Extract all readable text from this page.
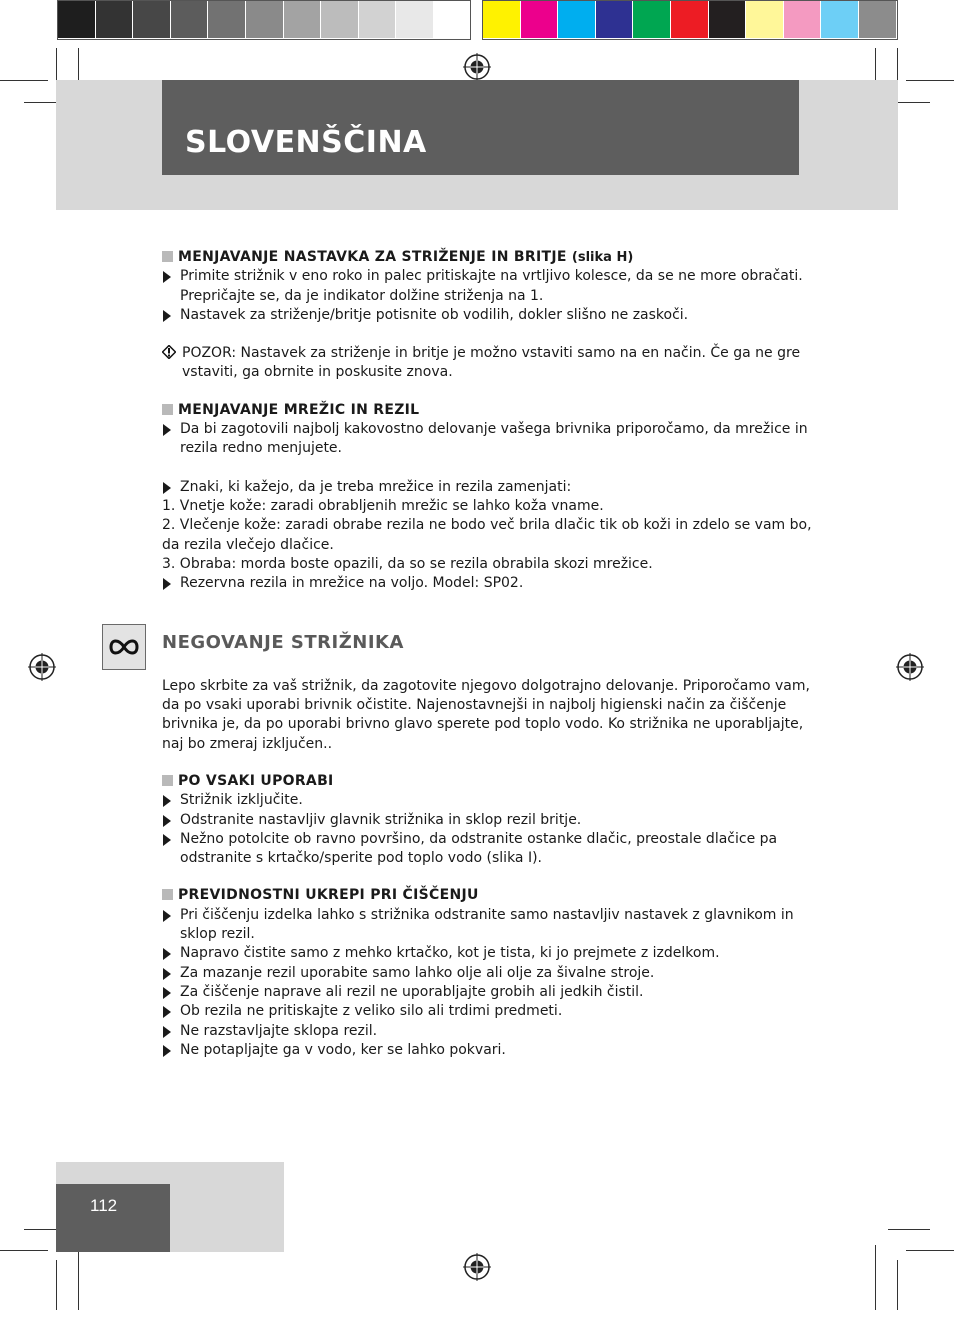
SLOVENŠČINA
MENJAVANJE NASTAVKA ZA STRIŽENJE IN BRITJE (slika H)
Primite strižnik v eno roko in palec pritiskajte na vrtljivo kolesce, da se ne more obračati.
Prepričajte se, da je indikator dolžine striženja na 1.
Nastavek za striženje/britje potisnite ob vodilih, dokler slišno ne zaskoči.
POZOR: Nastavek za striženje in britje je možno vstaviti samo na en način. Če ga ne gre
vstaviti, ga obrnite in poskusite znova.
MENJAVANJE MREŽIC IN REZIL
Da bi zagotovili najbolj kakovostno delovanje vašega brivnika priporočamo, da mrežice in
rezila redno menjujete.
Znaki, ki kažejo, da je treba mrežice in rezila zamenjati:
1. Vnetje kože: zaradi obrabljenih mrežic se lahko koža vname.
2. Vlečenje kože: zaradi obrabe rezila ne bodo več brila dlačic tik ob koži in zdelo se vam bo,
da rezila vlečejo dlačice.
3. Obraba: morda boste opazili, da so se rezila obrabila skozi mrežice.
Rezervna rezila in mrežice na voljo. Model: SP02.
NEGOVANJE STRIŽNIKA
Lepo skrbite za vaš strižnik, da zagotovite njegovo dolgotrajno delovanje. Priporočamo vam,
da po vsaki uporabi brivnik očistite. Najenostavnejši in najbolj higienski način za čiščenje
brivnika je, da po uporabi brivno glavo sperete pod toplo vodo. Ko strižnika ne uporabljajte,
naj bo zmeraj izključen..
PO VSAKI UPORABI
Strižnik izključite.
Odstranite nastavljiv glavnik strižnika in sklop rezil britje.
Nežno potolcite ob ravno površino, da odstranite ostanke dlačic, preostale dlačice pa
odstranite s krtačko/sperite pod toplo vodo (slika I).
PREVIDNOSTNI UKREPI PRI ČIŠČENJU
Pri čiščenju izdelka lahko s strižnika odstranite samo nastavljiv nastavek z glavnikom in
sklop rezil.
Napravo čistite samo z mehko krtačko, kot je tista, ki jo prejmete z izdelkom.
Za mazanje rezil uporabite samo lahko olje ali olje za šivalne stroje.
Za čiščenje naprave ali rezil ne uporabljajte grobih ali jedkih čistil.
Ob rezila ne pritiskajte z veliko silo ali trdimi predmeti.
Ne razstavljajte sklopa rezil.
Ne potapljajte ga v vodo, ker se lahko pokvari.
112
